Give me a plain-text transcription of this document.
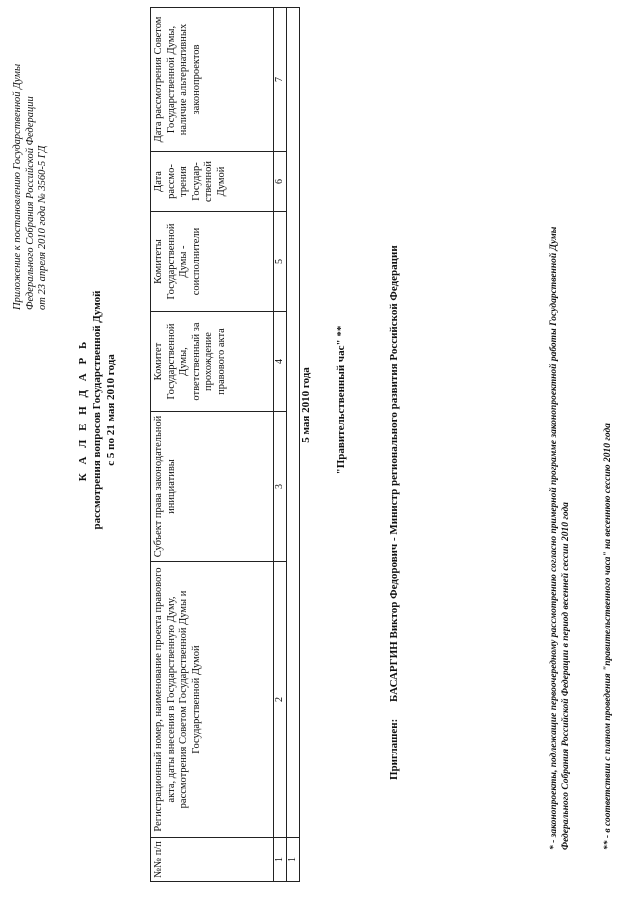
Приложение к постановлению Государственной Думы Федерального Собрания Российской Федерации от 23 апреля 2010 года № 3560-5 ГД
К А Л Е Н Д А Р Ь рассмотрения вопросов Государственной Думой с 5 по 21 мая 2010 года
№№ п/п	Регистрационный номер, наименование проекта правового акта, даты внесения в Государственную Думу, рассмотрения Советом Государственной Думы и Государственной Думой	Субъект права законодательной инициативы	Комитет Государственной Думы, ответственный за прохождение правового акта	Комитеты Государственной Думы - соисполнители	Дата рассмо-трения Государ-ственной Думой	Дата рассмотрения Советом Государственной Думы, наличие альтернативных законопроектов
1	2	3	4	5	6	7
1						
5 мая 2010 года "Правительственный час" **
Приглашен: БАСАРГИН Виктор Федорович - Министр регионального развития Российской Федерации	* - законопроекты, подлежащие первоочередному рассмотрению согласно примерной программе законопроектной работы Государственной Думы Федерального Собрания Российской Федерации в период весенней сессии 2010 года	** - в соответствии с планом проведения "правительственного часа" на весеннюю сессию 2010 года
